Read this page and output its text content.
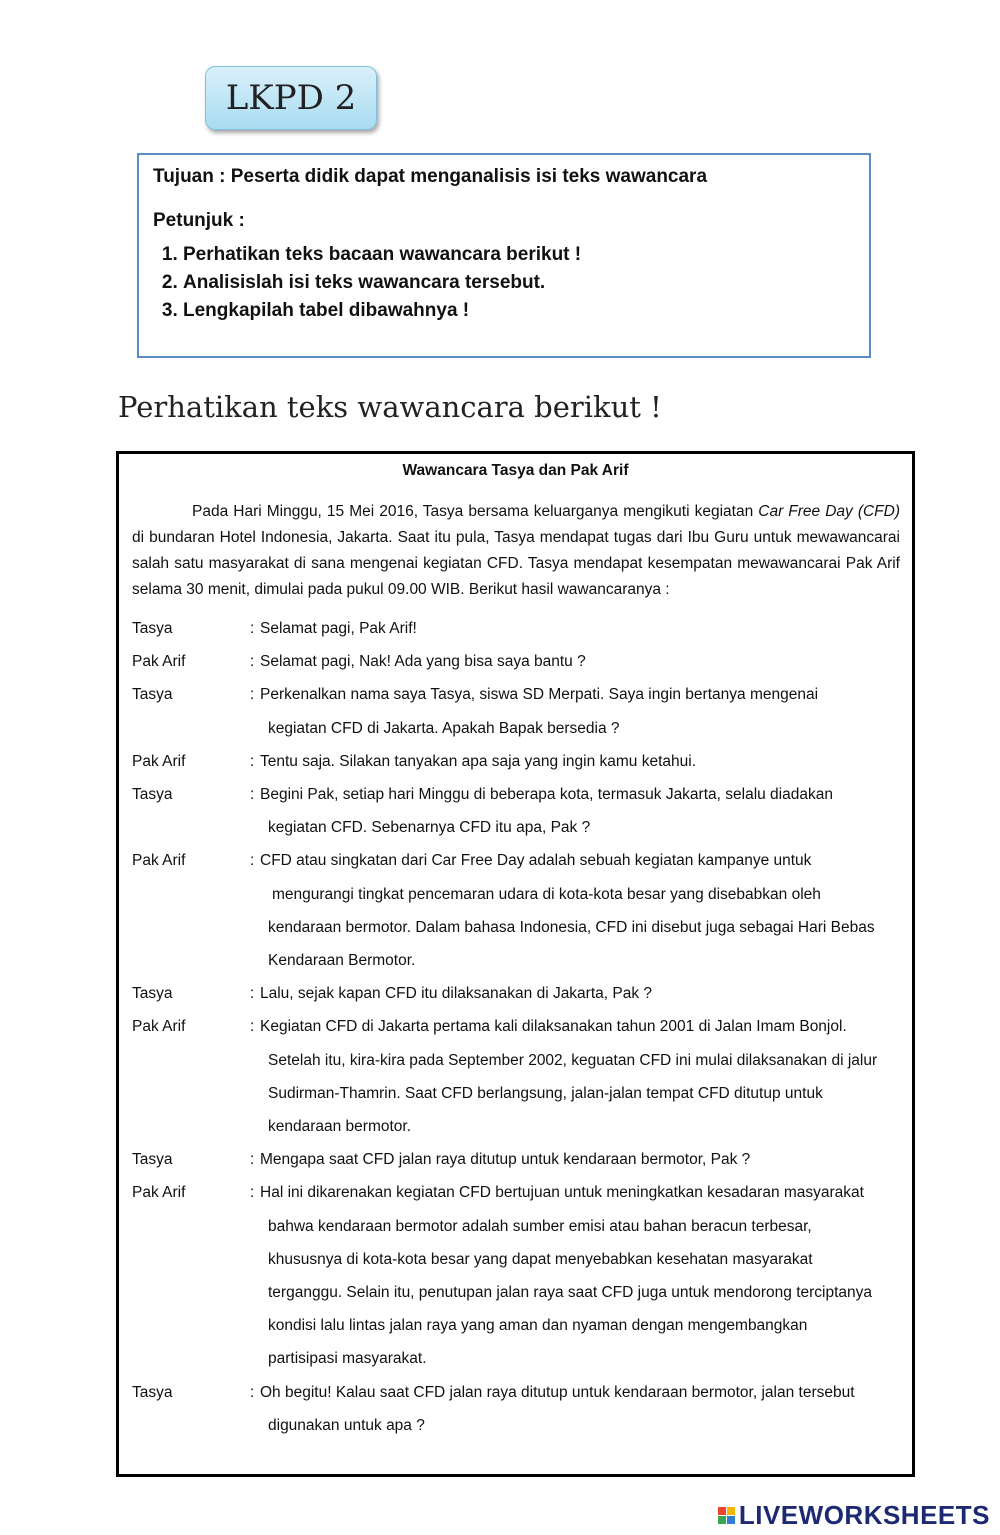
LKPD 2

Tujuan : Peserta didik dapat menganalisis isi teks wawancara

Petunjuk :

1. Perhatikan teks bacaan wawancara berikut !
2. Analisislah isi teks wawancara tersebut.
3. Lengkapilah tabel dibawahnya !
Perhatikan teks wawancara berikut !
Wawancara Tasya dan Pak Arif

Pada Hari Minggu, 15 Mei 2016, Tasya bersama keluarganya mengikuti kegiatan Car Free Day (CFD) di bundaran Hotel Indonesia, Jakarta. Saat itu pula, Tasya mendapat tugas dari Ibu Guru untuk mewawancarai salah satu masyarakat di sana mengenai kegiatan CFD. Tasya mendapat kesempatan mewawancarai Pak Arif selama 30 menit, dimulai pada pukul 09.00 WIB. Berikut hasil wawancaranya :

Tasya	: Selamat pagi, Pak Arif!
Pak Arif	: Selamat pagi, Nak! Ada yang bisa saya bantu ?
Tasya	: Perkenalkan nama saya Tasya, siswa SD Merpati. Saya ingin bertanya mengenai
kegiatan CFD di Jakarta. Apakah Bapak bersedia ?
Pak Arif	: Tentu saja. Silakan tanyakan apa saja yang ingin kamu ketahui.
Tasya	: Begini Pak, setiap hari Minggu di beberapa kota, termasuk Jakarta, selalu diadakan
kegiatan CFD. Sebenarnya CFD itu apa, Pak ?
Pak Arif	: CFD atau singkatan dari Car Free Day adalah sebuah kegiatan kampanye untuk
mengurangi tingkat pencemaran udara di kota-kota besar yang disebabkan oleh
kendaraan bermotor. Dalam bahasa Indonesia, CFD ini disebut juga sebagai Hari Bebas
Kendaraan Bermotor.
Tasya	: Lalu, sejak kapan CFD itu dilaksanakan di Jakarta, Pak ?
Pak Arif	: Kegiatan CFD di Jakarta pertama kali dilaksanakan tahun 2001 di Jalan Imam Bonjol.
Setelah itu, kira-kira pada September 2002, keguatan CFD ini mulai dilaksanakan di jalur
Sudirman-Thamrin. Saat CFD berlangsung, jalan-jalan tempat CFD ditutup untuk
kendaraan bermotor.
Tasya	: Mengapa saat CFD jalan raya ditutup untuk kendaraan bermotor, Pak ?
Pak Arif	: Hal ini dikarenakan kegiatan CFD bertujuan untuk meningkatkan kesadaran masyarakat
bahwa kendaraan bermotor adalah sumber emisi atau bahan beracun terbesar,
khususnya di kota-kota besar yang dapat menyebabkan kesehatan masyarakat
terganggu. Selain itu, penutupan jalan raya saat CFD juga untuk mendorong terciptanya
kondisi lalu lintas jalan raya yang aman dan nyaman dengan mengembangkan
partisipasi masyarakat.
Tasya	: Oh begitu! Kalau saat CFD jalan raya ditutup untuk kendaraan bermotor, jalan tersebut
digunakan untuk apa ?
LIVEWORKSHEETS
